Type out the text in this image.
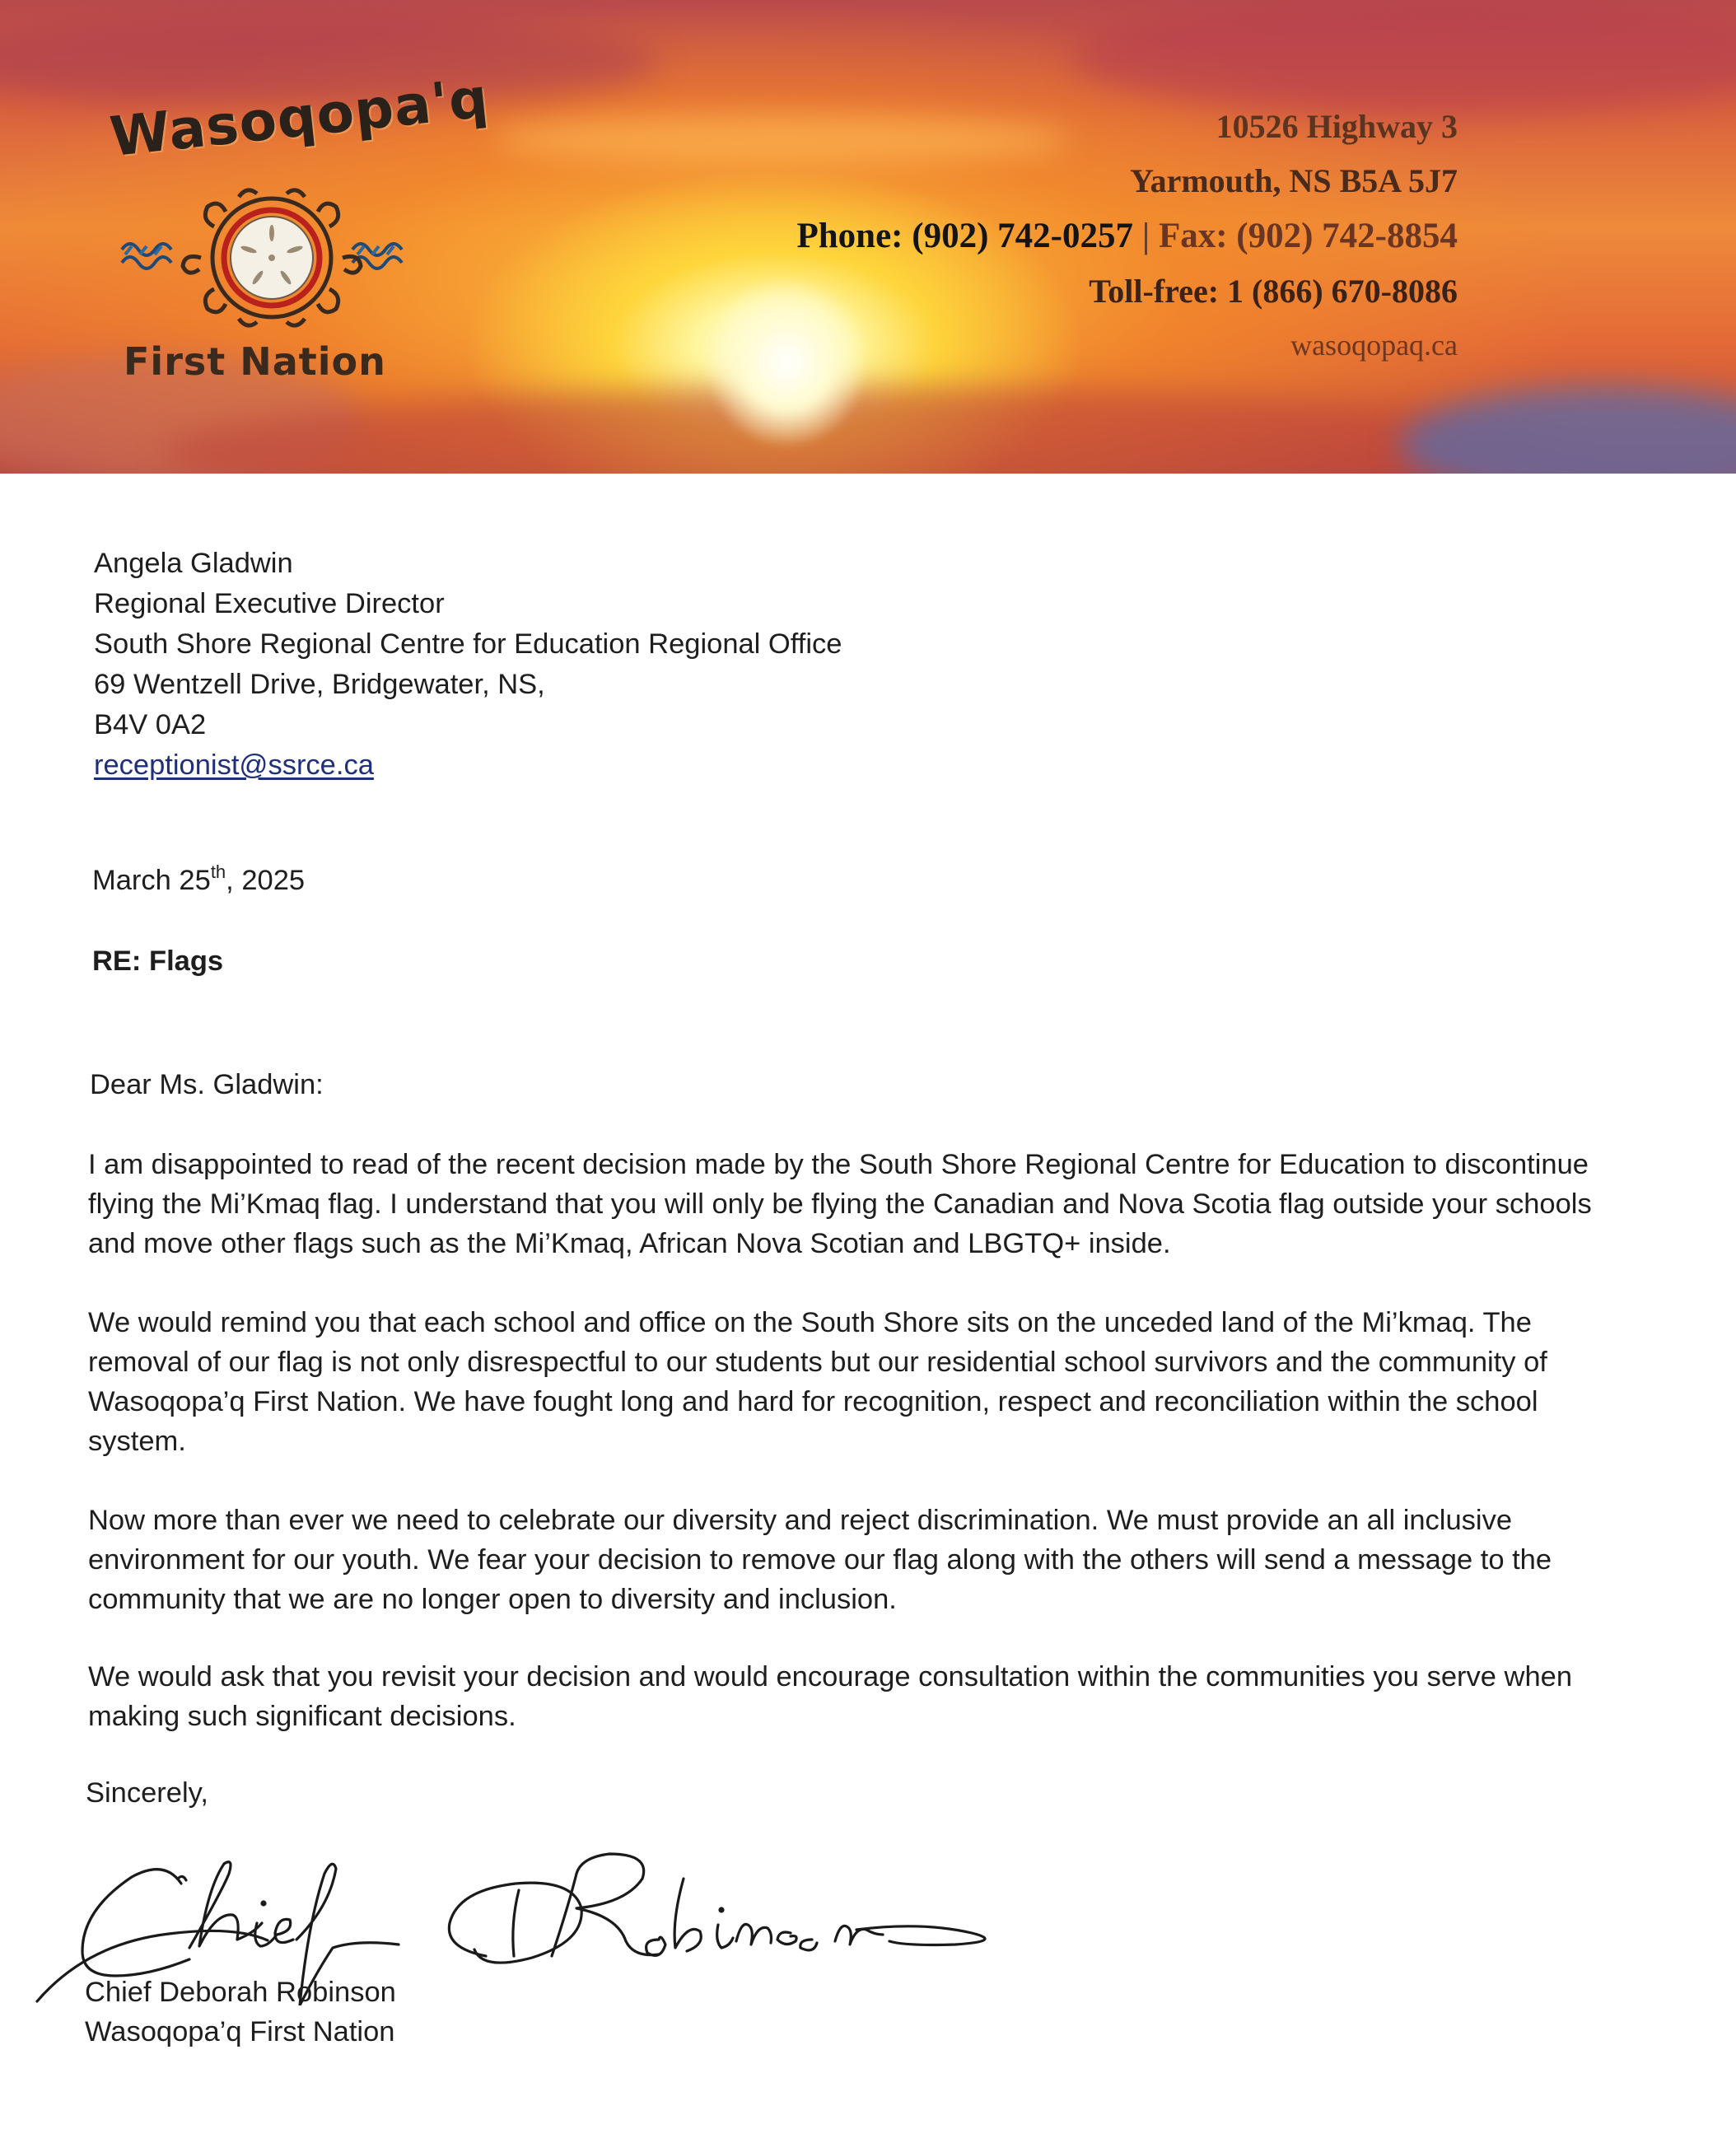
Wasoqopa'q
First Nation
10526 Highway 3
Yarmouth, NS B5A 5J7
Phone: (902) 742-0257 | Fax: (902) 742-8854
Toll-free: 1 (866) 670-8086
wasoqopaq.ca
Angela Gladwin
Regional Executive Director
South Shore Regional Centre for Education Regional Office
69 Wentzell Drive, Bridgewater, NS,
B4V 0A2
receptionist@ssrce.ca
March 25th, 2025
RE: Flags
Dear Ms. Gladwin:
I am disappointed to read of the recent decision made by the South Shore Regional Centre for Education to discontinue
flying the Mi’Kmaq flag. I understand that you will only be flying the Canadian and Nova Scotia flag outside your schools
and move other flags such as the Mi’Kmaq, African Nova Scotian and LBGTQ+ inside.
We would remind you that each school and office on the South Shore sits on the unceded land of the Mi’kmaq. The
removal of our flag is not only disrespectful to our students but our residential school survivors and the community of
Wasoqopa’q First Nation. We have fought long and hard for recognition, respect and reconciliation within the school
system.
Now more than ever we need to celebrate our diversity and reject discrimination. We must provide an all inclusive
environment for our youth. We fear your decision to remove our flag along with the others will send a message to the
community that we are no longer open to diversity and inclusion.
We would ask that you revisit your decision and would encourage consultation within the communities you serve when
making such significant decisions.
Sincerely,
Chief Deborah Robinson
Wasoqopa’q First Nation
